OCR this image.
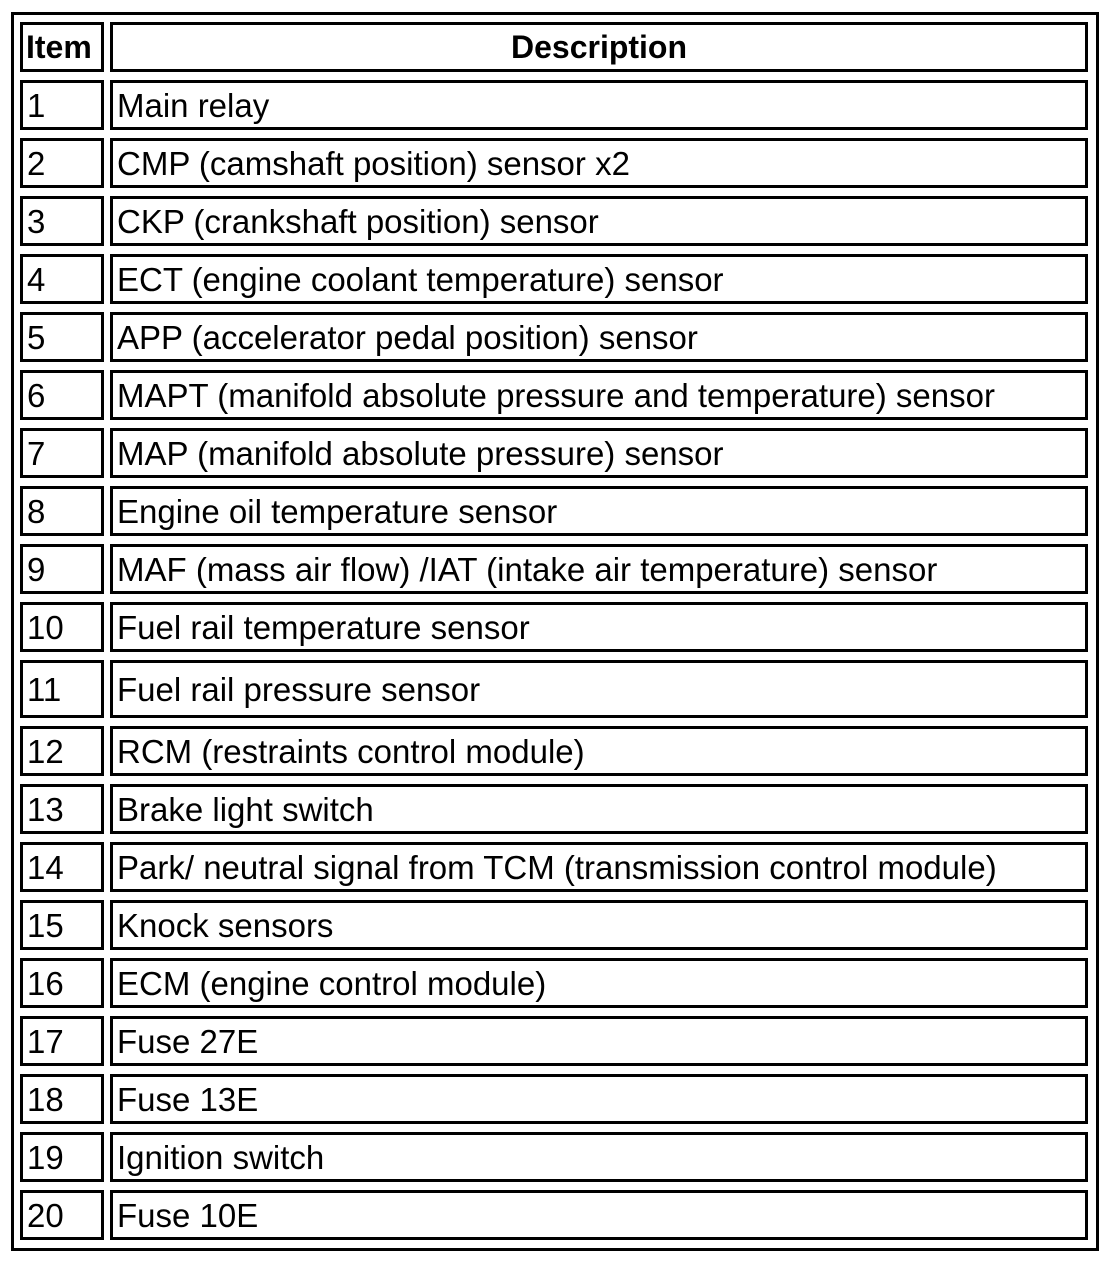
Item	Description

1	Main relay

2	CMP (camshaft position) sensor x2

3	CKP (crankshaft position) sensor

4	ECT (engine coolant temperature) sensor

5	APP (accelerator pedal position) sensor

6	MAPT (manifold absolute pressure and temperature) sensor

7	MAP (manifold absolute pressure) sensor

8	Engine oil temperature sensor

9	MAF (mass air flow) /IAT (intake air temperature) sensor

10	Fuel rail temperature sensor

11	Fuel rail pressure sensor

12	RCM (restraints control module)

13	Brake light switch

14	Park/ neutral signal from TCM (transmission control module)

15	Knock sensors

16	ECM (engine control module)

17	Fuse 27E

18	Fuse 13E

19	Ignition switch

20	Fuse 10E
